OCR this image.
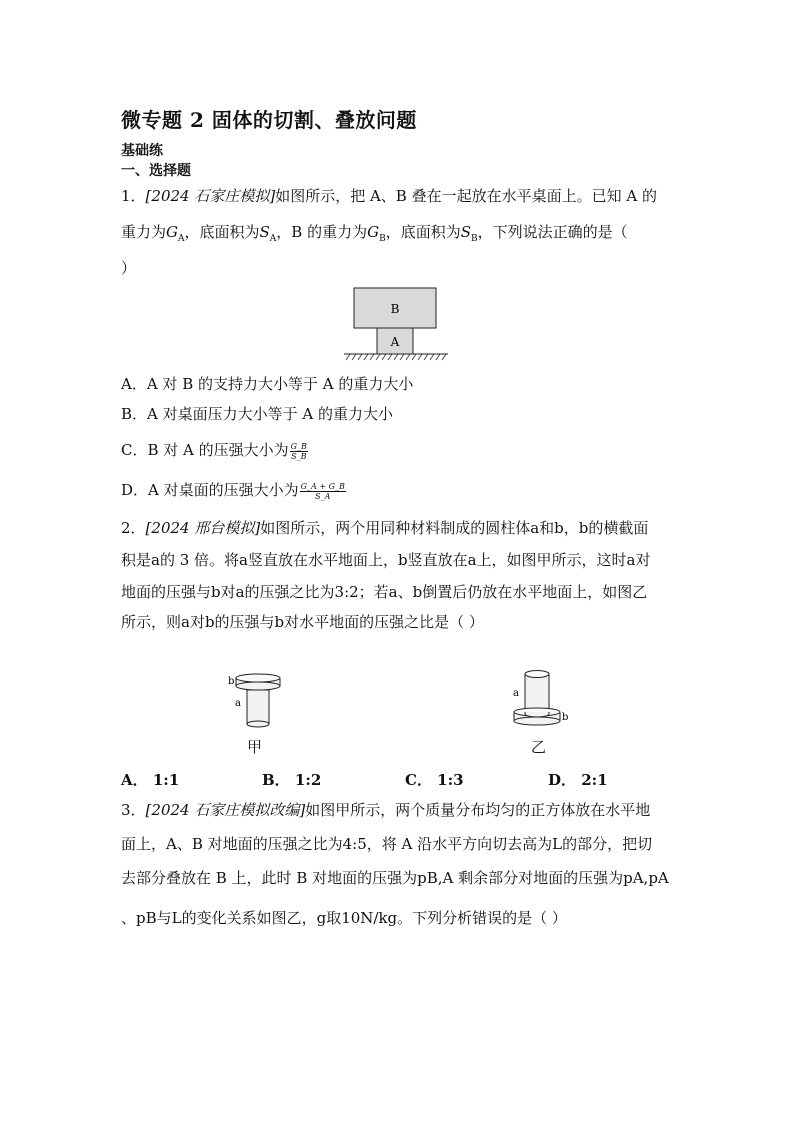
微专题 2 固体的切割、叠放问题
基础练
一、选择题
1．[2024 石家庄模拟]如图所示，把 A、B 叠在一起放在水平桌面上。已知 A 的
重力为$G_A$，底面积为$S_A$，B 的重力为$G_B$，底面积为$S_B$，下列说法正确的是（
）
B
A
A．A 对 B 的支持力大小等于 A 的重力大小
B．A 对桌面压力大小等于 A 的重力大小
C．B 对 A 的压强大小为 $\frac{G\_B}{S\_B}$
D．A 对桌面的压强大小为 $\frac{G\_A + G\_B}{S\_A}$
2．[2024 邢台模拟]如图所示，两个用同种材料制成的圆柱体a和b，b的横截面
积是a的 3 倍。将a竖直放在水平地面上，b竖直放在a上，如图甲所示，这时a对
地面的压强与b对a的压强之比为3:2；若a、b倒置后仍放在水平地面上，如图乙
所示，则a对b的压强与b对水平地面的压强之比是（ ）
b
a
甲
a
b
乙
A． 1:1	B． 1:2	C． 1:3	D． 2:1
3．[2024 石家庄模拟改编]如图甲所示，两个质量分布均匀的正方体放在水平地
面上，A、B 对地面的压强之比为4:5，将 A 沿水平方向切去高为L的部分，把切
去部分叠放在 B 上，此时 B 对地面的压强为pB,A 剩余部分对地面的压强为pA,pA
、pB与L的变化关系如图乙，g取10N/kg。下列分析错误的是（ ）
